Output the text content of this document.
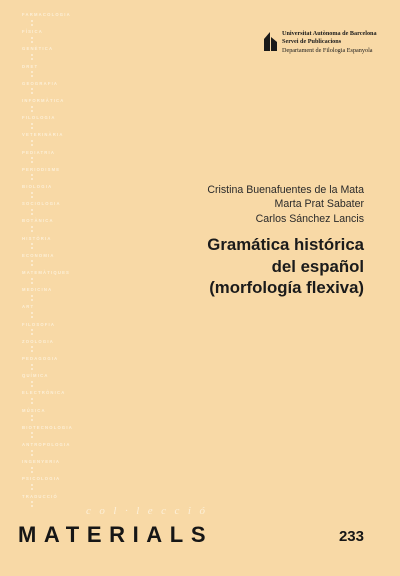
Universitat Autònoma de Barcelona
Servei de Publicacions
Departament de Filologia Espanyola
Cristina Buenafuentes de la Mata
Marta Prat Sabater
Carlos Sánchez Lancis
Gramática histórica
del español
(morfología flexiva)
col·lecció
MATERIALS	233
FARMACOLOGIA
FÍSICA
GENÈTICA
DRET
GEOGRAFIA
INFORMÀTICA
FILOLOGIA
VETERINÀRIA
PEDIATRIA
PERIODISME
BIOLOGIA
SOCIOLOGIA
BOTÀNICA
HISTÒRIA
ECONOMIA
MATEMÀTIQUES
MEDICINA
ART
FILOSOFIA
ZOOLOGIA
PEDAGOGIA
QUÍMICA
ELECTRÒNICA
MÚSICA
BIOTECNOLOGIA
ANTROPOLOGIA
INGENYERIA
PSICOLOGIA
TRADUCCIÓ
